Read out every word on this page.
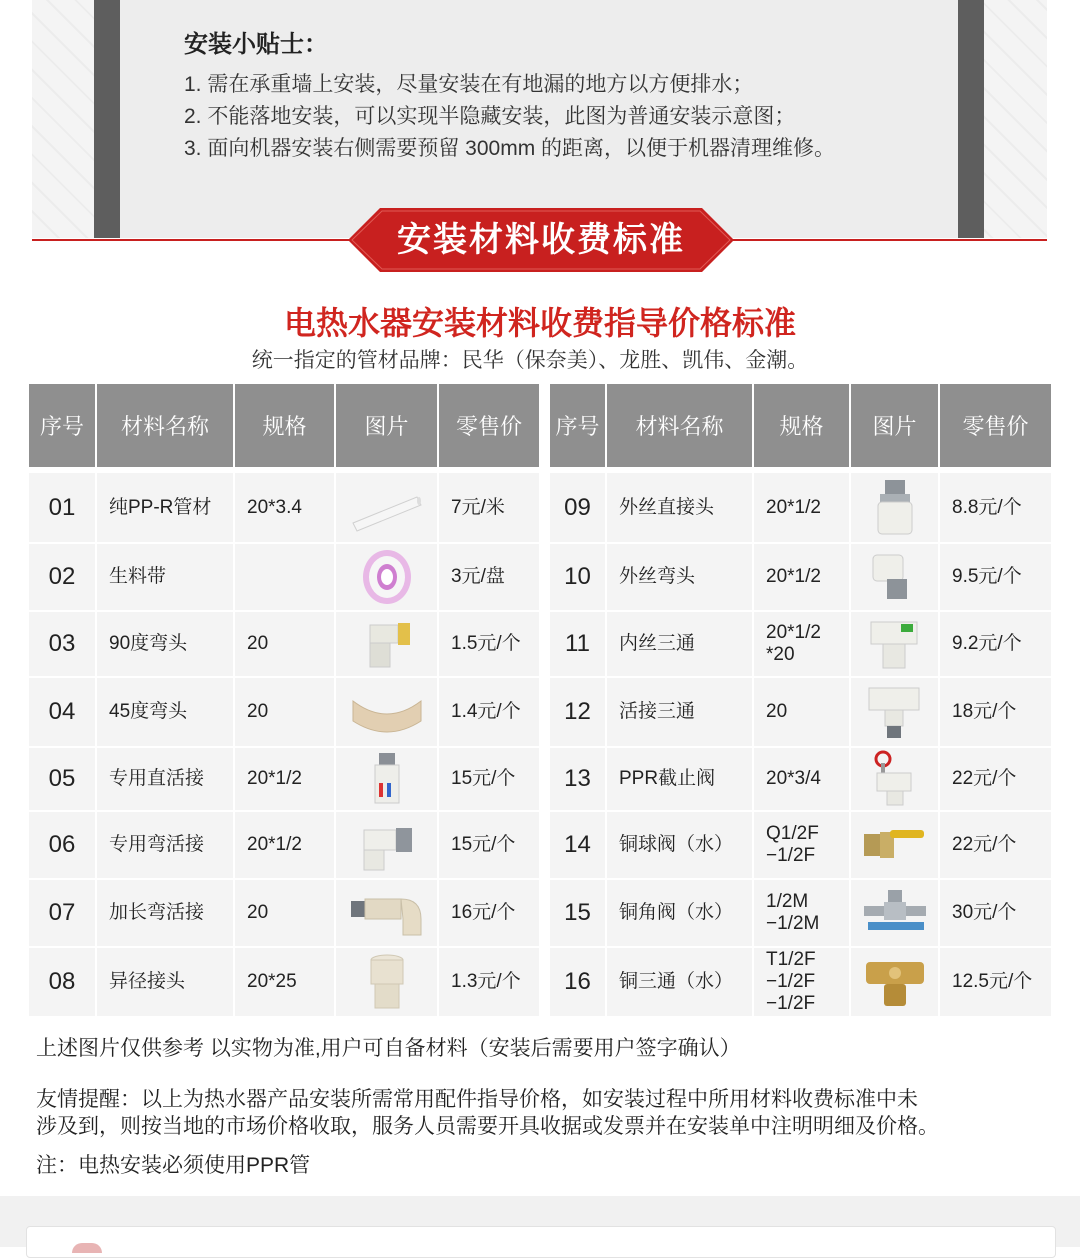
安装小贴士：
1. 需在承重墙上安装，尽量安装在有地漏的地方以方便排水；
2. 不能落地安装，可以实现半隐藏安装，此图为普通安装示意图；
3. 面向机器安装右侧需要预留 300mm 的距离，以便于机器清理维修。
安装材料收费标准
电热水器安装材料收费指导价格标准

统一指定的管材品牌：民华（保奈美）、龙胜、凯伟、金潮。

序号	材料名称	规格	图片	零售价

01	纯PP-R管材	20*3.4		7元/米
02	生料带			3元/盘
03	90度弯头	20		1.5元/个
04	45度弯头	20		1.4元/个
05	专用直活接	20*1/2		15元/个
06	专用弯活接	20*1/2		15元/个
07	加长弯活接	20		16元/个
08	异径接头	20*25		1.3元/个
序号	材料名称	规格	图片	零售价

09	外丝直接头	20*1/2		8.8元/个
10	外丝弯头	20*1/2		9.5元/个
11	内丝三通	20*1/2
*20		9.2元/个
12	活接三通	20		18元/个
13	PPR截止阀	20*3/4		22元/个
14	铜球阀（水）	Q1/2F
−1/2F		22元/个
15	铜角阀（水）	1/2M
−1/2M		30元/个
16	铜三通（水）	T1/2F
−1/2F
−1/2F		12.5元/个

上述图片仅供参考 以实物为准,用户可自备材料（安装后需要用户签字确认）

友情提醒：以上为热水器产品安装所需常用配件指导价格，如安装过程中所用材料收费标准中未

涉及到，则按当地的市场价格收取，服务人员需要开具收据或发票并在安装单中注明明细及价格。

注：电热安装必须使用PPR管
